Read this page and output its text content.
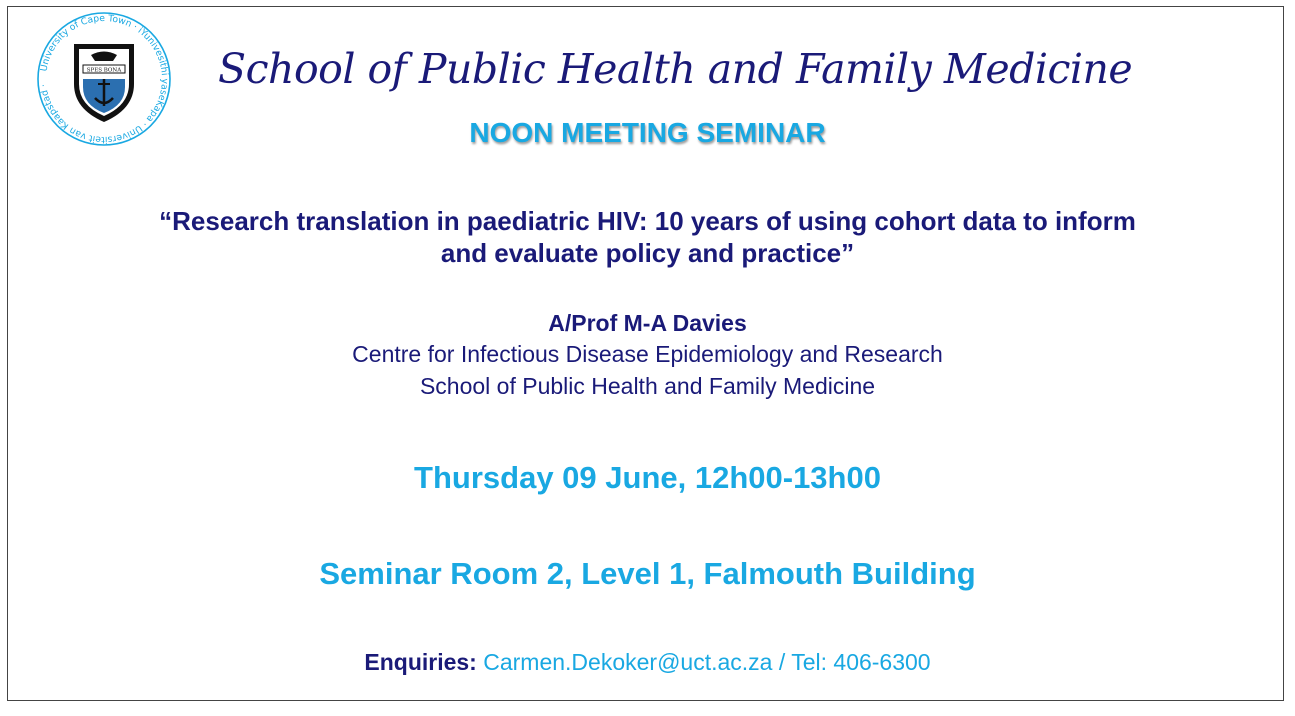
University of Cape Town · iYunivesithi yaseKapa · Universiteit van Kaapstad ·
SPES BONA School of Public Health and Family Medicine
NOON MEETING SEMINAR
“Research translation in paediatric HIV: 10 years of using cohort data to inform
and evaluate policy and practice”
A/Prof M-A Davies
Centre for Infectious Disease Epidemiology and Research
School of Public Health and Family Medicine
Thursday 09 June, 12h00-13h00
Seminar Room 2, Level 1, Falmouth Building
Enquiries: Carmen.Dekoker@uct.ac.za / Tel: 406-6300
